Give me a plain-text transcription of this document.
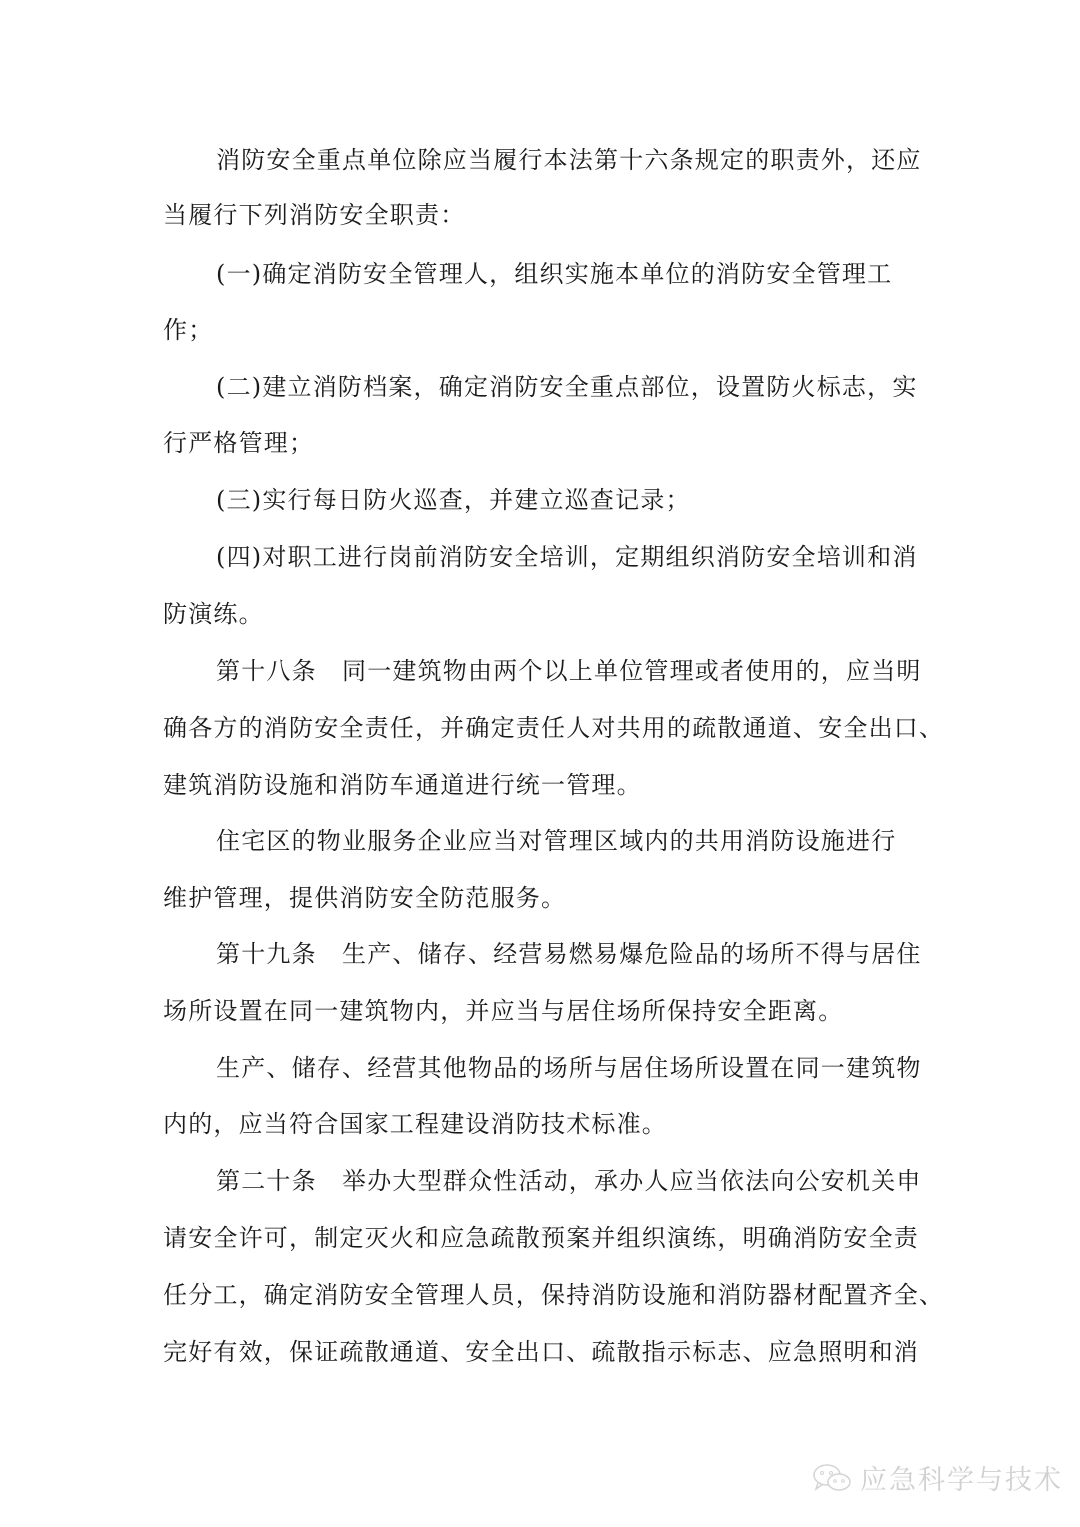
消防安全重点单位除应当履行本法第十六条规定的职责外，还应
当履行下列消防安全职责：
(一)确定消防安全管理人，组织实施本单位的消防安全管理工
作；
(二)建立消防档案，确定消防安全重点部位，设置防火标志，实
行严格管理；
(三)实行每日防火巡查，并建立巡查记录；
(四)对职工进行岗前消防安全培训，定期组织消防安全培训和消
防演练。
第十八条　同一建筑物由两个以上单位管理或者使用的，应当明
确各方的消防安全责任，并确定责任人对共用的疏散通道、安全出口、
建筑消防设施和消防车通道进行统一管理。
住宅区的物业服务企业应当对管理区域内的共用消防设施进行
维护管理，提供消防安全防范服务。
第十九条　生产、储存、经营易燃易爆危险品的场所不得与居住
场所设置在同一建筑物内，并应当与居住场所保持安全距离。
生产、储存、经营其他物品的场所与居住场所设置在同一建筑物
内的，应当符合国家工程建设消防技术标准。
第二十条　举办大型群众性活动，承办人应当依法向公安机关申
请安全许可，制定灭火和应急疏散预案并组织演练，明确消防安全责
任分工，确定消防安全管理人员，保持消防设施和消防器材配置齐全、
完好有效，保证疏散通道、安全出口、疏散指示标志、应急照明和消
应急科学与技术
